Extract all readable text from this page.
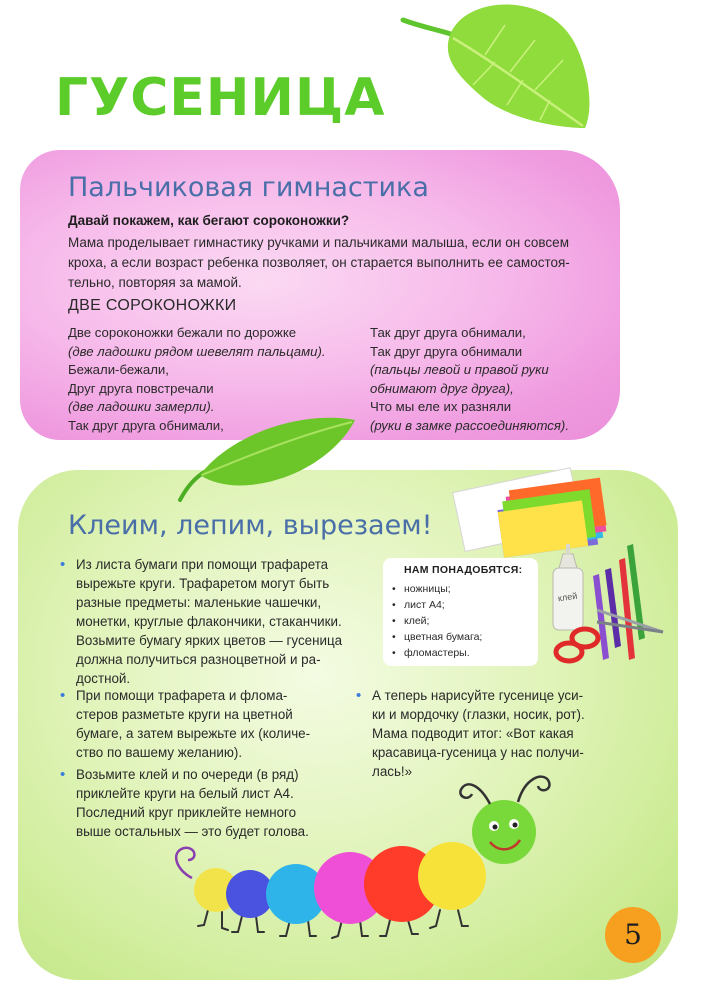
ГУСЕНИЦА
Пальчиковая гимнастика
Давай покажем, как бегают сороконожки?
Мама проделывает гимнастику ручками и пальчиками малыша, если он совсем
кроха, а если возраст ребенка позволяет, он старается выполнить ее самостоя-
тельно, повторяя за мамой.
ДВЕ СОРОКОНОЖКИ
Две сороконожки бежали по дорожке
(две ладошки рядом шевелят пальцами).
Бежали-бежали,
Друг друга повстречали
(две ладошки замерли).
Так друг друга обнимали,
Так друг друга обнимали,
Так друг друга обнимали
(пальцы левой и правой руки
обнимают друг друга),
Что мы еле их разняли
(руки в замке рассоединяются).
Клеим, лепим, вырезаем!
НАМ ПОНАДОБЯТСЯ:
• ножницы;
• лист А4;
• клей;
• цветная бумага;
• фломастеры.
клей
• Из листа бумаги при помощи трафарета
вырежьте круги. Трафаретом могут быть
разные предметы: маленькие чашечки,
монетки, круглые флакончики, стаканчики.
Возьмите бумагу ярких цветов — гусеница
должна получиться разноцветной и ра-
достной.
• При помощи трафарета и флома-
стеров разметьте круги на цветной
бумаге, а затем вырежьте их (количе-
ство по вашему желанию).
• Возьмите клей и по очереди (в ряд)
приклейте круги на белый лист А4.
Последний круг приклейте немного
выше остальных — это будет голова.
• А теперь нарисуйте гусенице уси-
ки и мордочку (глазки, носик, рот).
Мама подводит итог: «Вот какая
красавица-гусеница у нас получи-
лась!»
5
